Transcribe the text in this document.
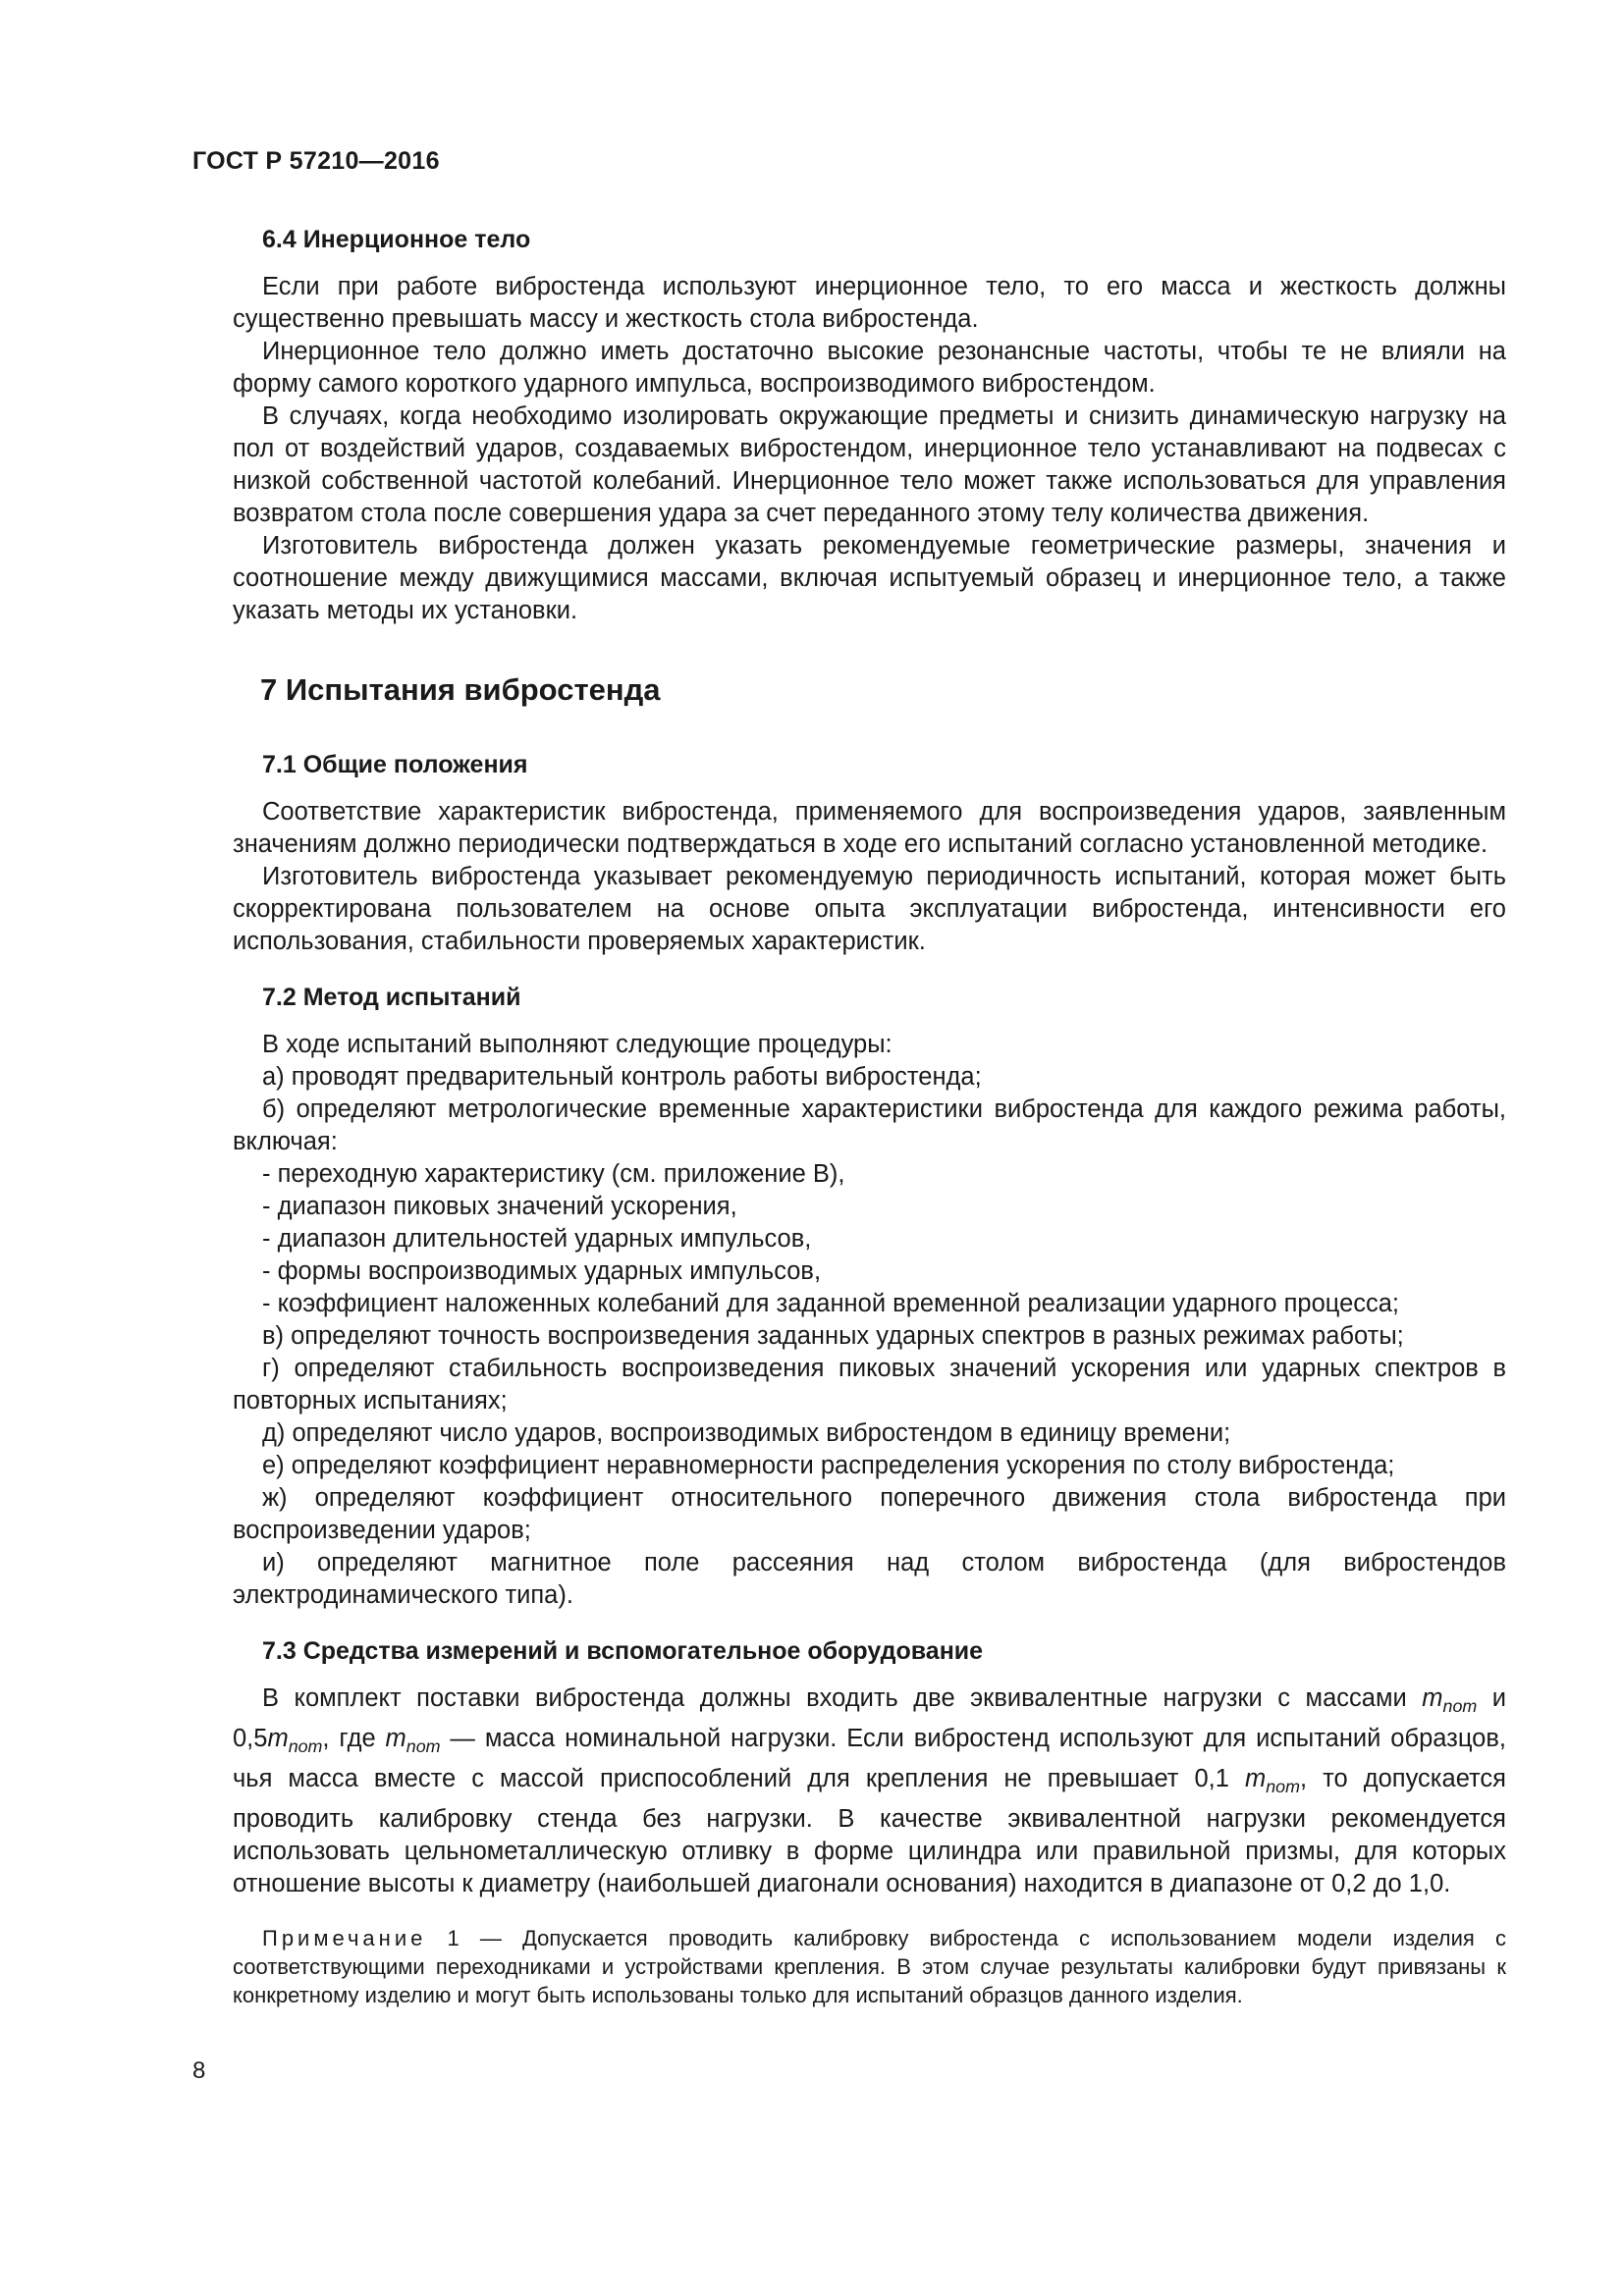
ГОСТ Р 57210—2016
6.4 Инерционное тело

Если при работе вибростенда используют инерционное тело, то его масса и жесткость должны существенно превышать массу и жесткость стола вибростенда.

Инерционное тело должно иметь достаточно высокие резонансные частоты, чтобы те не влияли на форму самого короткого ударного импульса, воспроизводимого вибростендом.

В случаях, когда необходимо изолировать окружающие предметы и снизить динамическую нагрузку на пол от воздействий ударов, создаваемых вибростендом, инерционное тело устанавливают на подвесах с низкой собственной частотой колебаний. Инерционное тело может также использоваться для управления возвратом стола после совершения удара за счет переданного этому телу количества движения.

Изготовитель вибростенда должен указать рекомендуемые геометрические размеры, значения и соотношение между движущимися массами, включая испытуемый образец и инерционное тело, а также указать методы их установки.

7 Испытания вибростенда
7.1 Общие положения

Соответствие характеристик вибростенда, применяемого для воспроизведения ударов, заявленным значениям должно периодически подтверждаться в ходе его испытаний согласно установленной методике.

Изготовитель вибростенда указывает рекомендуемую периодичность испытаний, которая может быть скорректирована пользователем на основе опыта эксплуатации вибростенда, интенсивности его использования, стабильности проверяемых характеристик.

7.2 Метод испытаний

В ходе испытаний выполняют следующие процедуры:

а) проводят предварительный контроль работы вибростенда;

б) определяют метрологические временные характеристики вибростенда для каждого режима работы, включая:

- переходную характеристику (см. приложение В),

- диапазон пиковых значений ускорения,

- диапазон длительностей ударных импульсов,

- формы воспроизводимых ударных импульсов,

- коэффициент наложенных колебаний для заданной временной реализации ударного процесса;

в) определяют точность воспроизведения заданных ударных спектров в разных режимах работы;

г) определяют стабильность воспроизведения пиковых значений ускорения или ударных спектров в повторных испытаниях;

д) определяют число ударов, воспроизводимых вибростендом в единицу времени;

е) определяют коэффициент неравномерности распределения ускорения по столу вибростенда;

ж) определяют коэффициент относительного поперечного движения стола вибростенда при воспроизведении ударов;

и) определяют магнитное поле рассеяния над столом вибростенда (для вибростендов электродинамического типа).

7.3 Средства измерений и вспомогательное оборудование

В комплект поставки вибростенда должны входить две эквивалентные нагрузки с массами $m_{nom}$ и $0,5m_{nom}$, где $m_{nom}$ — масса номинальной нагрузки. Если вибростенд используют для испытаний образцов, чья масса вместе с массой приспособлений для крепления не превышает 0,1 $m_{nom}$, то допускается проводить калибровку стенда без нагрузки. В качестве эквивалентной нагрузки рекомендуется использовать цельнометаллическую отливку в форме цилиндра или правильной призмы, для которых отношение высоты к диаметру (наибольшей диагонали основания) находится в диапазоне от 0,2 до 1,0.

Примечание 1 — Допускается проводить калибровку вибростенда с использованием модели изделия с соответствующими переходниками и устройствами крепления. В этом случае результаты калибровки будут привязаны к конкретному изделию и могут быть использованы только для испытаний образцов данного изделия.

8
